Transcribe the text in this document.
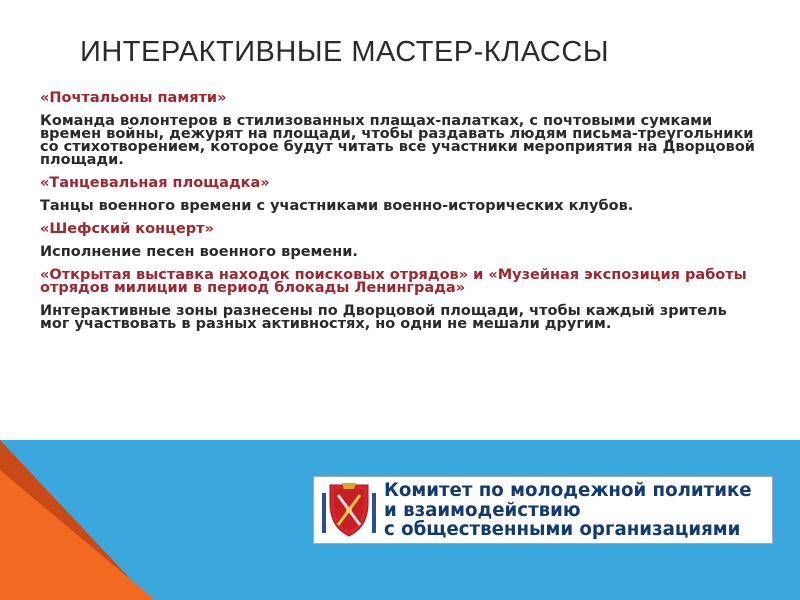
ИНТЕРАКТИВНЫЕ МАСТЕР-КЛАССЫ

«Почтальоны памяти»

Команда волонтеров в стилизованных плащах-палатках, с почтовыми сумками времен войны, дежурят на площади, чтобы раздавать людям письма-треугольники со стихотворением, которое будут читать все участники мероприятия на Дворцовой площади.

«Танцевальная площадка»

Танцы военного времени с участниками военно-исторических клубов.

«Шефский концерт»

Исполнение песен военного времени.

«Открытая выставка находок поисковых отрядов» и «Музейная экспозиция работы отрядов милиции в период блокады Ленинграда»

Интерактивные зоны разнесены по Дворцовой площади, чтобы каждый зритель мог участвовать в разных активностях, но одни не мешали другим.

Комитет по молодежной политике
и взаимодействию
с общественными организациями
